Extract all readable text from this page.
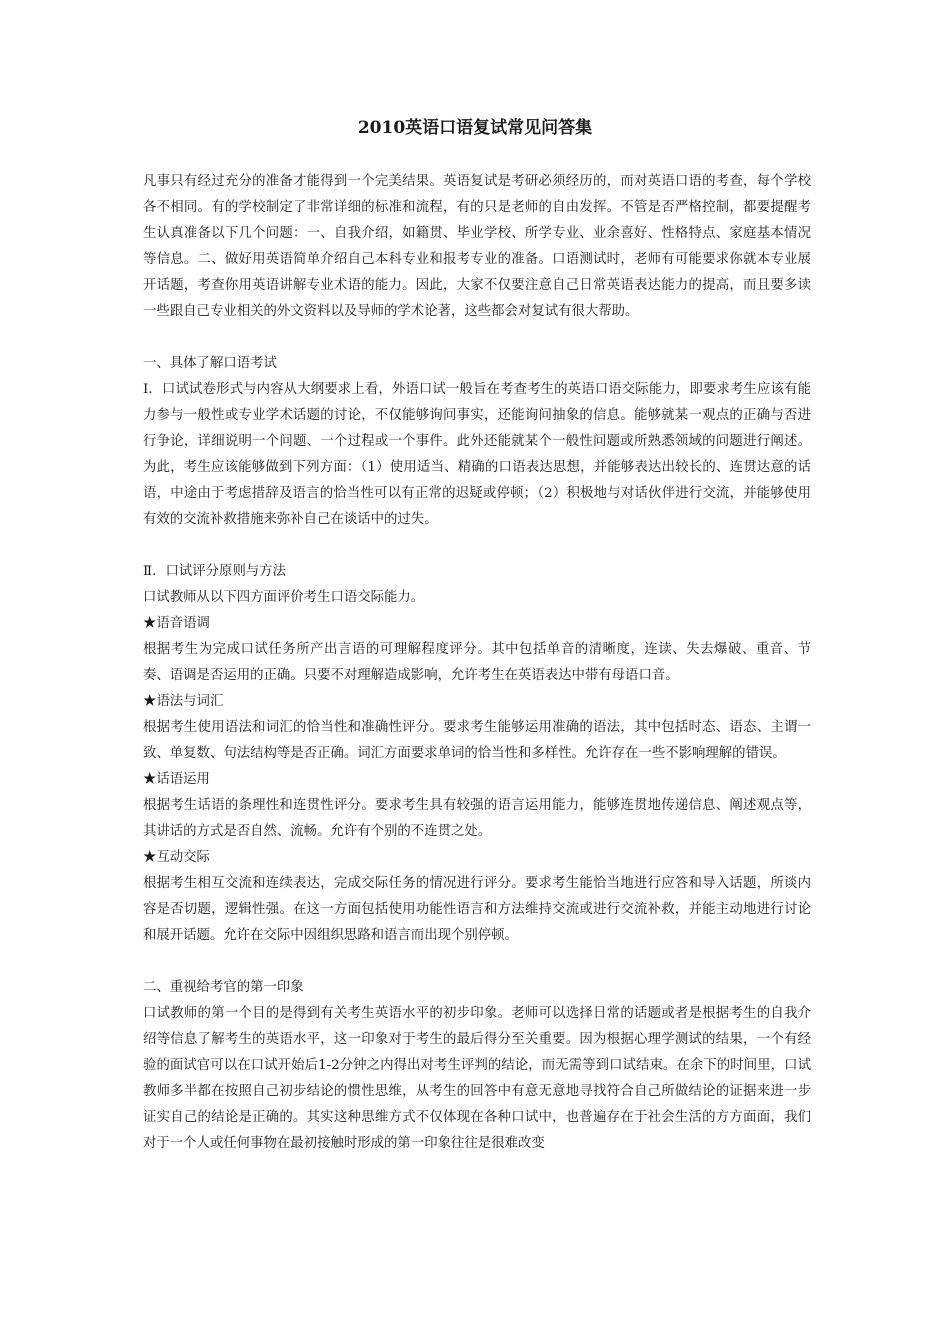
2010英语口语复试常见问答集

凡事只有经过充分的准备才能得到一个完美结果。英语复试是考研必须经历的，而对英语口语的考查，每个学校各不相同。有的学校制定了非常详细的标准和流程，有的只是老师的自由发挥。不管是否严格控制，都要提醒考生认真准备以下几个问题：一、自我介绍，如籍贯、毕业学校、所学专业、业余喜好、性格特点、家庭基本情况等信息。二、做好用英语简单介绍自己本科专业和报考专业的准备。口语测试时，老师有可能要求你就本专业展开话题，考查你用英语讲解专业术语的能力。因此，大家不仅要注意自己日常英语表达能力的提高，而且要多读一些跟自己专业相关的外文资料以及导师的学术论著，这些都会对复试有很大帮助。

一、具体了解口语考试

Ⅰ．口试试卷形式与内容从大纲要求上看，外语口试一般旨在考查考生的英语口语交际能力，即要求考生应该有能力参与一般性或专业学术话题的讨论，不仅能够询问事实，还能询问抽象的信息。能够就某一观点的正确与否进行争论，详细说明一个问题、一个过程或一个事件。此外还能就某个一般性问题或所熟悉领域的问题进行阐述。为此，考生应该能够做到下列方面：（1）使用适当、精确的口语表达思想，并能够表达出较长的、连贯达意的话语，中途由于考虑措辞及语言的恰当性可以有正常的迟疑或停顿；（2）积极地与对话伙伴进行交流，并能够使用有效的交流补救措施来弥补自己在谈话中的过失。

Ⅱ．口试评分原则与方法

口试教师从以下四方面评价考生口语交际能力。

★语音语调

根据考生为完成口试任务所产出言语的可理解程度评分。其中包括单音的清晰度，连读、失去爆破、重音、节奏、语调是否运用的正确。只要不对理解造成影响，允许考生在英语表达中带有母语口音。

★语法与词汇

根据考生使用语法和词汇的恰当性和准确性评分。要求考生能够运用准确的语法，其中包括时态、语态、主谓一致、单复数、句法结构等是否正确。词汇方面要求单词的恰当性和多样性。允许存在一些不影响理解的错误。

★话语运用

根据考生话语的条理性和连贯性评分。要求考生具有较强的语言运用能力，能够连贯地传递信息、阐述观点等，其讲话的方式是否自然、流畅。允许有个别的不连贯之处。

★互动交际

根据考生相互交流和连续表达，完成交际任务的情况进行评分。要求考生能恰当地进行应答和导入话题，所谈内容是否切题，逻辑性强。在这一方面包括使用功能性语言和方法维持交流或进行交流补救，并能主动地进行讨论和展开话题。允许在交际中因组织思路和语言而出现个别停顿。

二、重视给考官的第一印象

口试教师的第一个目的是得到有关考生英语水平的初步印象。老师可以选择日常的话题或者是根据考生的自我介绍等信息了解考生的英语水平，这一印象对于考生的最后得分至关重要。因为根据心理学测试的结果，一个有经验的面试官可以在口试开始后1-2分钟之内得出对考生评判的结论，而无需等到口试结束。在余下的时间里，口试教师多半都在按照自己初步结论的惯性思维，从考生的回答中有意无意地寻找符合自己所做结论的证据来进一步证实自己的结论是正确的。其实这种思维方式不仅体现在各种口试中，也普遍存在于社会生活的方方面面，我们对于一个人或任何事物在最初接触时形成的第一印象往往是很难改变
